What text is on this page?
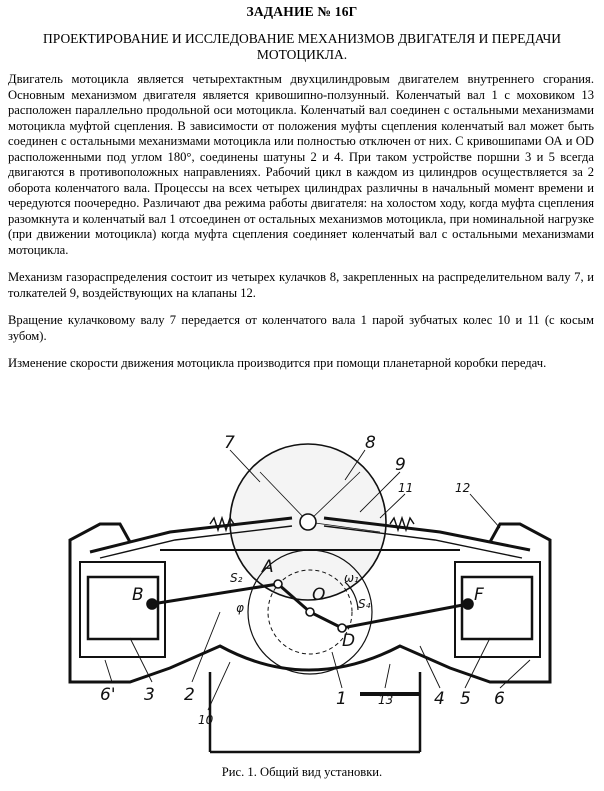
ЗАДАНИЕ № 16Г
ПРОЕКТИРОВАНИЕ И ИССЛЕДОВАНИЕ МЕХАНИЗМОВ ДВИГАТЕЛЯ И ПЕРЕДАЧИ МОТОЦИКЛА.

Двигатель мотоцикла является четырехтактным двухцилиндровым двигателем внутреннего сгорания. Основным механизмом двигателя является кривошипно-ползунный. Коленчатый вал 1 с моховиком 13 расположен параллельно продольной оси мотоцикла. Коленчатый вал соединен с остальными механизмами мотоцикла муфтой сцепления. В зависимости от положения муфты сцепления коленчатый вал может быть соединен с остальными механизмами мотоцикла или полностью отключен от них. С кривошипами ОА и OD расположенными под углом 180°, соединены шатуны 2 и 4. При таком устройстве поршни 3 и 5 всегда двигаются в противоположных направлениях. Рабочий цикл в каждом из цилиндров осуществляется за 2 оборота коленчатого вала. Процессы на всех четырех цилиндрах различны в начальный момент времени и чередуются поочередно. Различают два режима работы двигателя: на холостом ходу, когда муфта сцепления разомкнута и коленчатый вал 1 отсоединен от остальных механизмов мотоцикла, при номинальной нагрузке (при движении мотоцикла) когда муфта сцепления соединяет коленчатый вал с остальными механизмами мотоцикла.

Механизм газораспределения состоит из четырех кулачков 8, закрепленных на распределительном валу 7, и толкателей 9, воздействующих на клапаны 12.

Вращение кулачковому валу 7 передается от коленчатого вала 1 парой зубчатых колес 10 и 11 (с косым зубом).

Изменение скорости движения мотоцикла производится при помощи планетарной коробки передач.

7	8
9
11	12
B
A
O
D
F
S₂
S₄
ω₁
φ
6' 3 2
10
1	13 4 5 6
Рис. 1. Общий вид установки.
